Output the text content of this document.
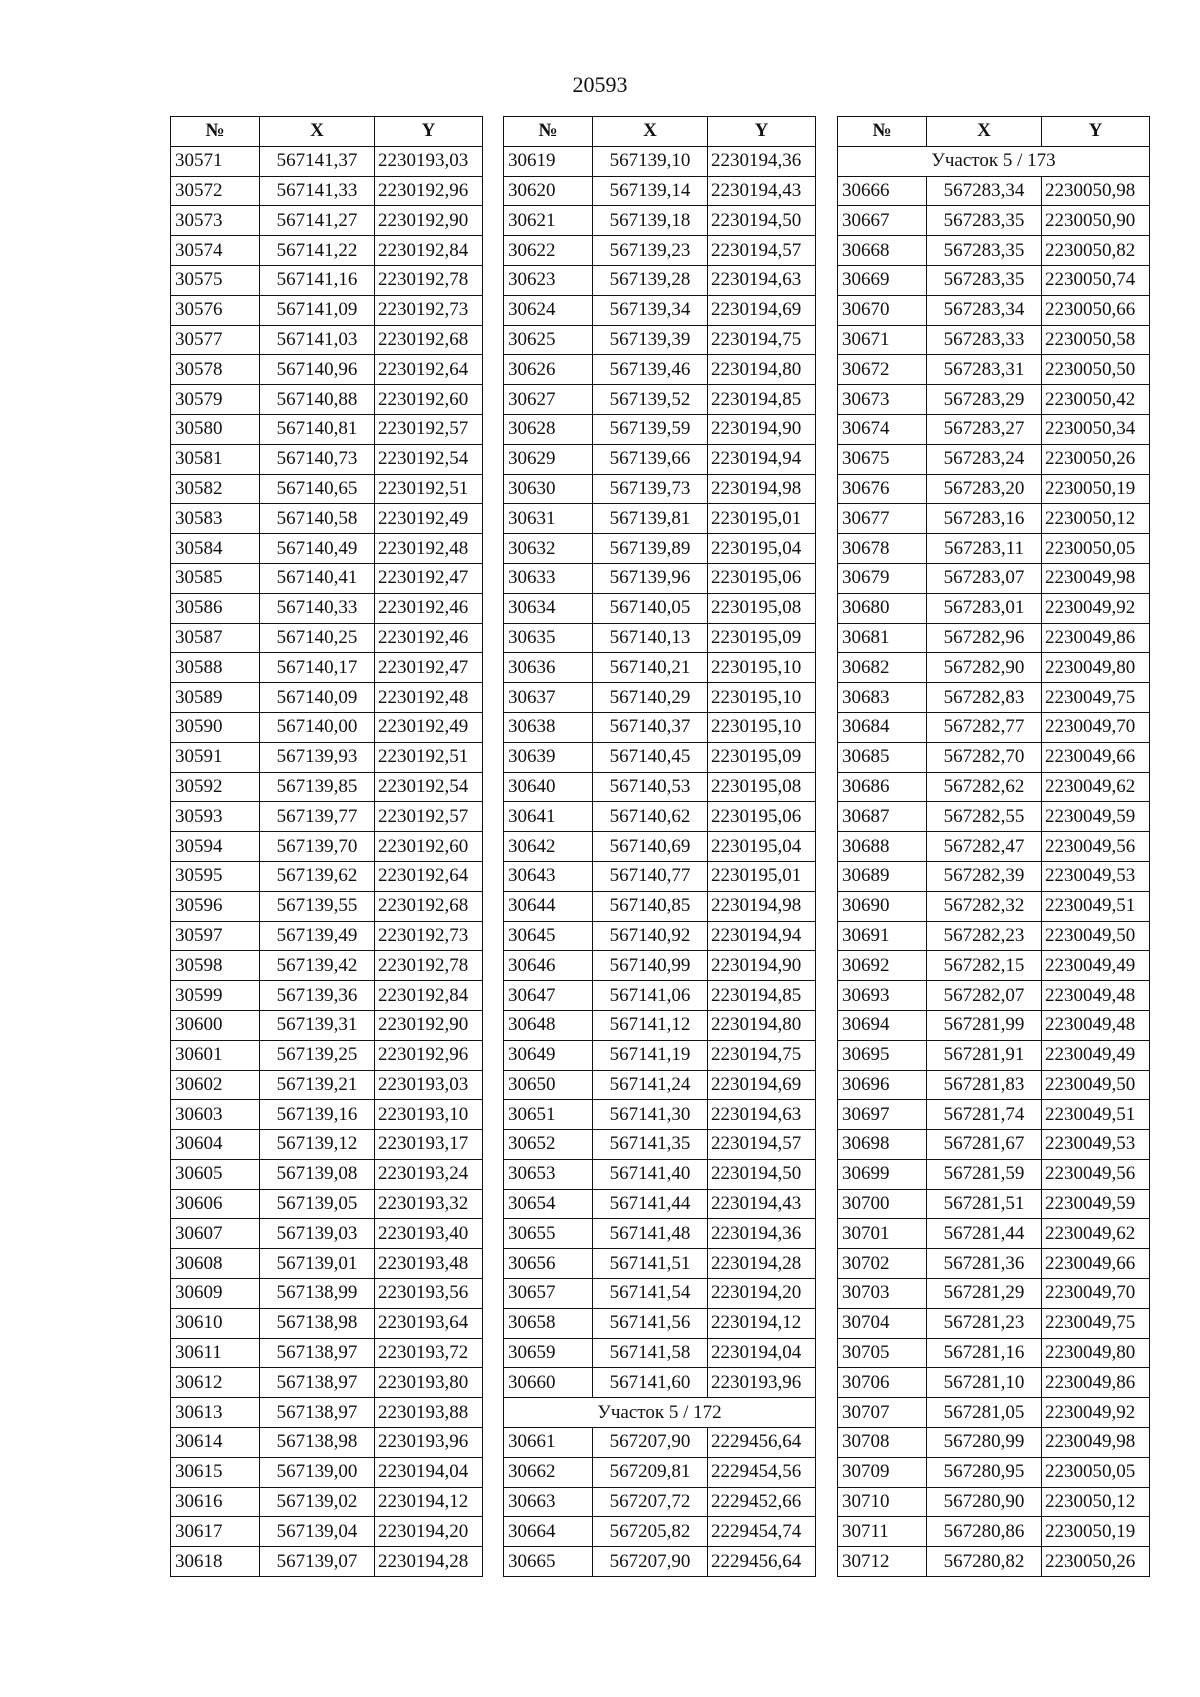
20593
№	X	Y
30571	567141,37	2230193,03
30572	567141,33	2230192,96
30573	567141,27	2230192,90
30574	567141,22	2230192,84
30575	567141,16	2230192,78
30576	567141,09	2230192,73
30577	567141,03	2230192,68
30578	567140,96	2230192,64
30579	567140,88	2230192,60
30580	567140,81	2230192,57
30581	567140,73	2230192,54
30582	567140,65	2230192,51
30583	567140,58	2230192,49
30584	567140,49	2230192,48
30585	567140,41	2230192,47
30586	567140,33	2230192,46
30587	567140,25	2230192,46
30588	567140,17	2230192,47
30589	567140,09	2230192,48
30590	567140,00	2230192,49
30591	567139,93	2230192,51
30592	567139,85	2230192,54
30593	567139,77	2230192,57
30594	567139,70	2230192,60
30595	567139,62	2230192,64
30596	567139,55	2230192,68
30597	567139,49	2230192,73
30598	567139,42	2230192,78
30599	567139,36	2230192,84
30600	567139,31	2230192,90
30601	567139,25	2230192,96
30602	567139,21	2230193,03
30603	567139,16	2230193,10
30604	567139,12	2230193,17
30605	567139,08	2230193,24
30606	567139,05	2230193,32
30607	567139,03	2230193,40
30608	567139,01	2230193,48
30609	567138,99	2230193,56
30610	567138,98	2230193,64
30611	567138,97	2230193,72
30612	567138,97	2230193,80
30613	567138,97	2230193,88
30614	567138,98	2230193,96
30615	567139,00	2230194,04
30616	567139,02	2230194,12
30617	567139,04	2230194,20
30618	567139,07	2230194,28
№	X	Y
30619	567139,10	2230194,36
30620	567139,14	2230194,43
30621	567139,18	2230194,50
30622	567139,23	2230194,57
30623	567139,28	2230194,63
30624	567139,34	2230194,69
30625	567139,39	2230194,75
30626	567139,46	2230194,80
30627	567139,52	2230194,85
30628	567139,59	2230194,90
30629	567139,66	2230194,94
30630	567139,73	2230194,98
30631	567139,81	2230195,01
30632	567139,89	2230195,04
30633	567139,96	2230195,06
30634	567140,05	2230195,08
30635	567140,13	2230195,09
30636	567140,21	2230195,10
30637	567140,29	2230195,10
30638	567140,37	2230195,10
30639	567140,45	2230195,09
30640	567140,53	2230195,08
30641	567140,62	2230195,06
30642	567140,69	2230195,04
30643	567140,77	2230195,01
30644	567140,85	2230194,98
30645	567140,92	2230194,94
30646	567140,99	2230194,90
30647	567141,06	2230194,85
30648	567141,12	2230194,80
30649	567141,19	2230194,75
30650	567141,24	2230194,69
30651	567141,30	2230194,63
30652	567141,35	2230194,57
30653	567141,40	2230194,50
30654	567141,44	2230194,43
30655	567141,48	2230194,36
30656	567141,51	2230194,28
30657	567141,54	2230194,20
30658	567141,56	2230194,12
30659	567141,58	2230194,04
30660	567141,60	2230193,96
Участок 5 / 172		
30661	567207,90	2229456,64
30662	567209,81	2229454,56
30663	567207,72	2229452,66
30664	567205,82	2229454,74
30665	567207,90	2229456,64
№	X	Y
Участок 5 / 173		
30666	567283,34	2230050,98
30667	567283,35	2230050,90
30668	567283,35	2230050,82
30669	567283,35	2230050,74
30670	567283,34	2230050,66
30671	567283,33	2230050,58
30672	567283,31	2230050,50
30673	567283,29	2230050,42
30674	567283,27	2230050,34
30675	567283,24	2230050,26
30676	567283,20	2230050,19
30677	567283,16	2230050,12
30678	567283,11	2230050,05
30679	567283,07	2230049,98
30680	567283,01	2230049,92
30681	567282,96	2230049,86
30682	567282,90	2230049,80
30683	567282,83	2230049,75
30684	567282,77	2230049,70
30685	567282,70	2230049,66
30686	567282,62	2230049,62
30687	567282,55	2230049,59
30688	567282,47	2230049,56
30689	567282,39	2230049,53
30690	567282,32	2230049,51
30691	567282,23	2230049,50
30692	567282,15	2230049,49
30693	567282,07	2230049,48
30694	567281,99	2230049,48
30695	567281,91	2230049,49
30696	567281,83	2230049,50
30697	567281,74	2230049,51
30698	567281,67	2230049,53
30699	567281,59	2230049,56
30700	567281,51	2230049,59
30701	567281,44	2230049,62
30702	567281,36	2230049,66
30703	567281,29	2230049,70
30704	567281,23	2230049,75
30705	567281,16	2230049,80
30706	567281,10	2230049,86
30707	567281,05	2230049,92
30708	567280,99	2230049,98
30709	567280,95	2230050,05
30710	567280,90	2230050,12
30711	567280,86	2230050,19
30712	567280,82	2230050,26
